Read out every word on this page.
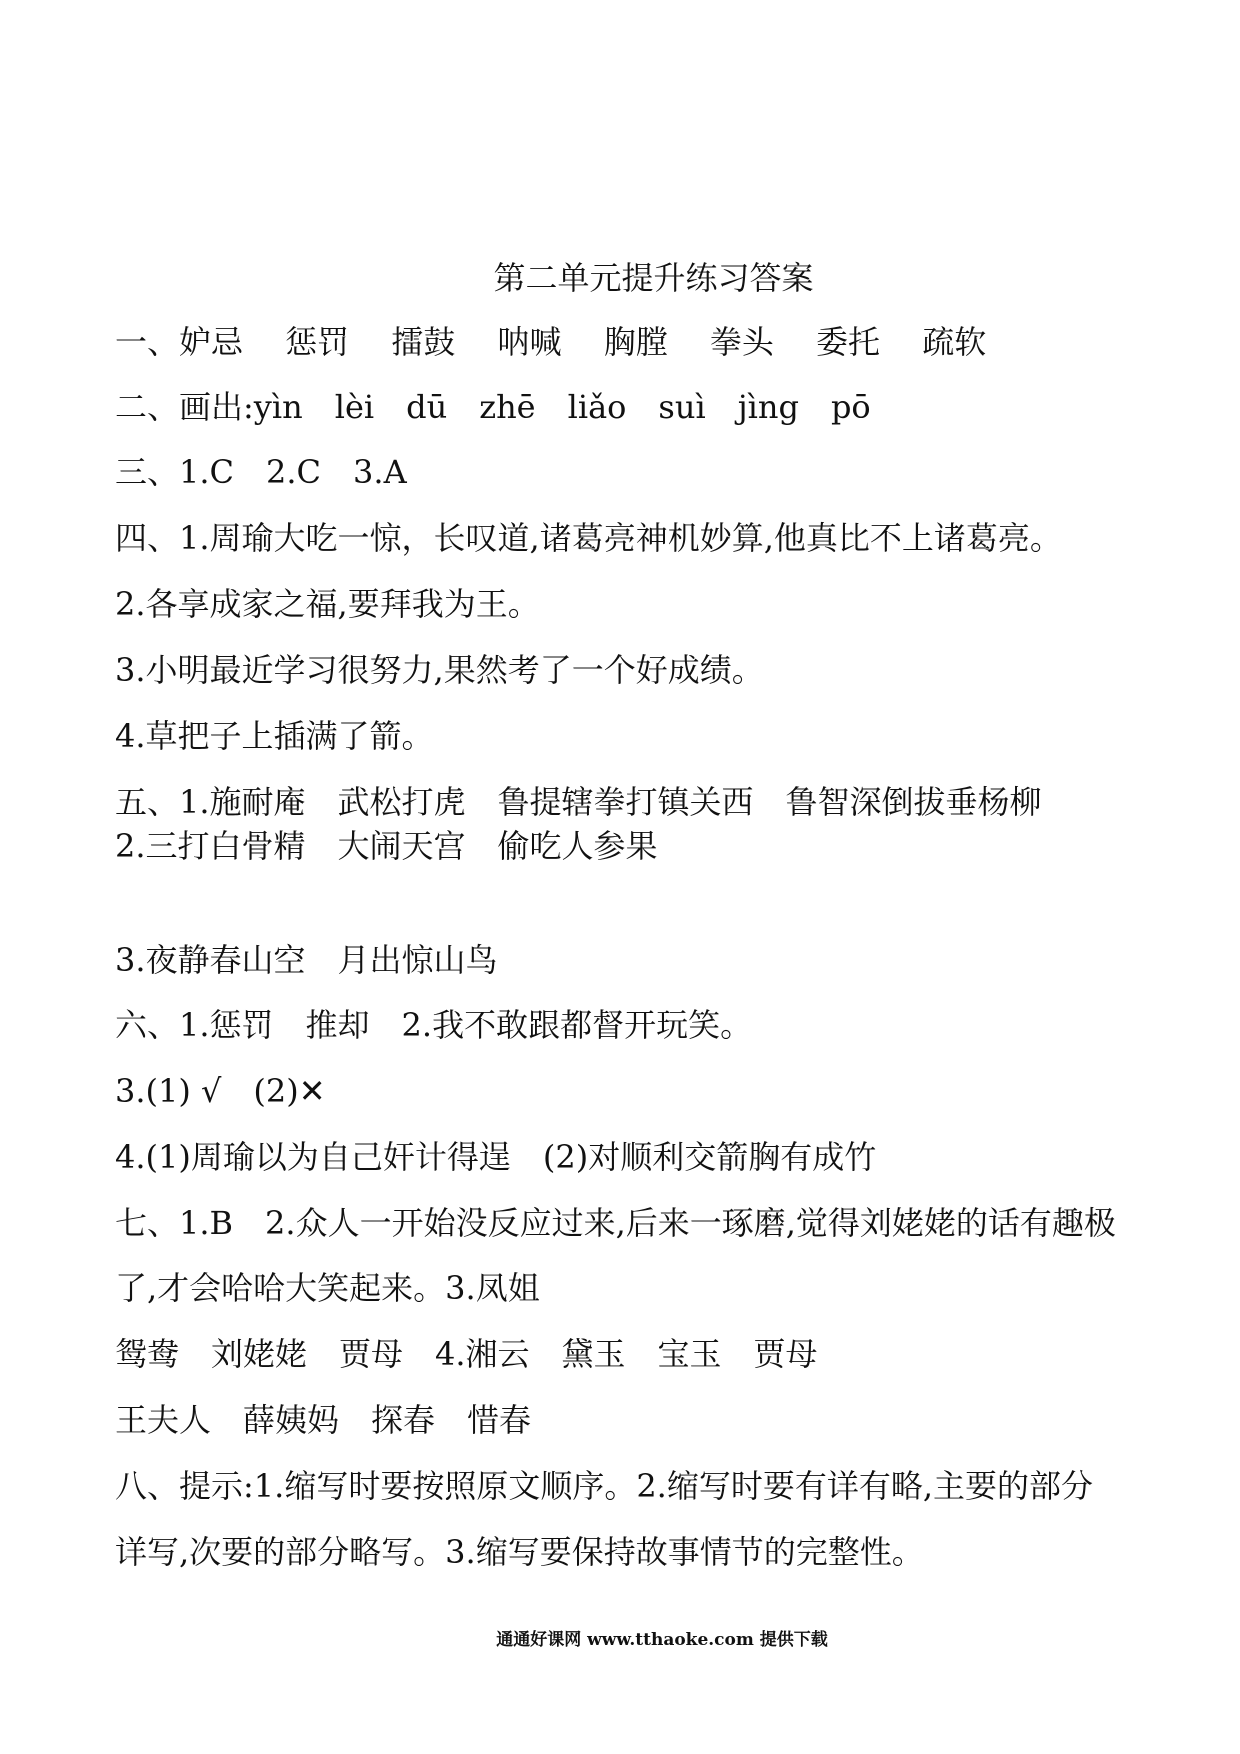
第二单元提升练习答案

一、妒忌　 惩罚　 擂鼓　 呐喊　 胸膛　 拳头　 委托　 疏软

二、画出:yìn　lèi　dū　zhē　liǎo　suì　jìng　pō

三、1.C　2.C　3.A

四、1.周瑜大吃一惊，长叹道,诸葛亮神机妙算,他真比不上诸葛亮。

2.各享成家之福,要拜我为王。

3.小明最近学习很努力,果然考了一个好成绩。

4.草把子上插满了箭。

五、1.施耐庵　武松打虎　鲁提辖拳打镇关西　鲁智深倒拔垂杨柳

2.三打白骨精　大闹天宫　偷吃人参果

3.夜静春山空　月出惊山鸟

六、1.惩罚　推却　2.我不敢跟都督开玩笑。

3.(1) √　(2)✕

4.(1)周瑜以为自己奸计得逞　(2)对顺利交箭胸有成竹

七、1.B　2.众人一开始没反应过来,后来一琢磨,觉得刘姥姥的话有趣极

了,才会哈哈大笑起来。3.凤姐

鸳鸯　刘姥姥　贾母　4.湘云　黛玉　宝玉　贾母

王夫人　薛姨妈　探春　惜春

八、提示:1.缩写时要按照原文顺序。2.缩写时要有详有略,主要的部分

详写,次要的部分略写。3.缩写要保持故事情节的完整性。

通通好课网 www.tthaoke.com 提供下载
